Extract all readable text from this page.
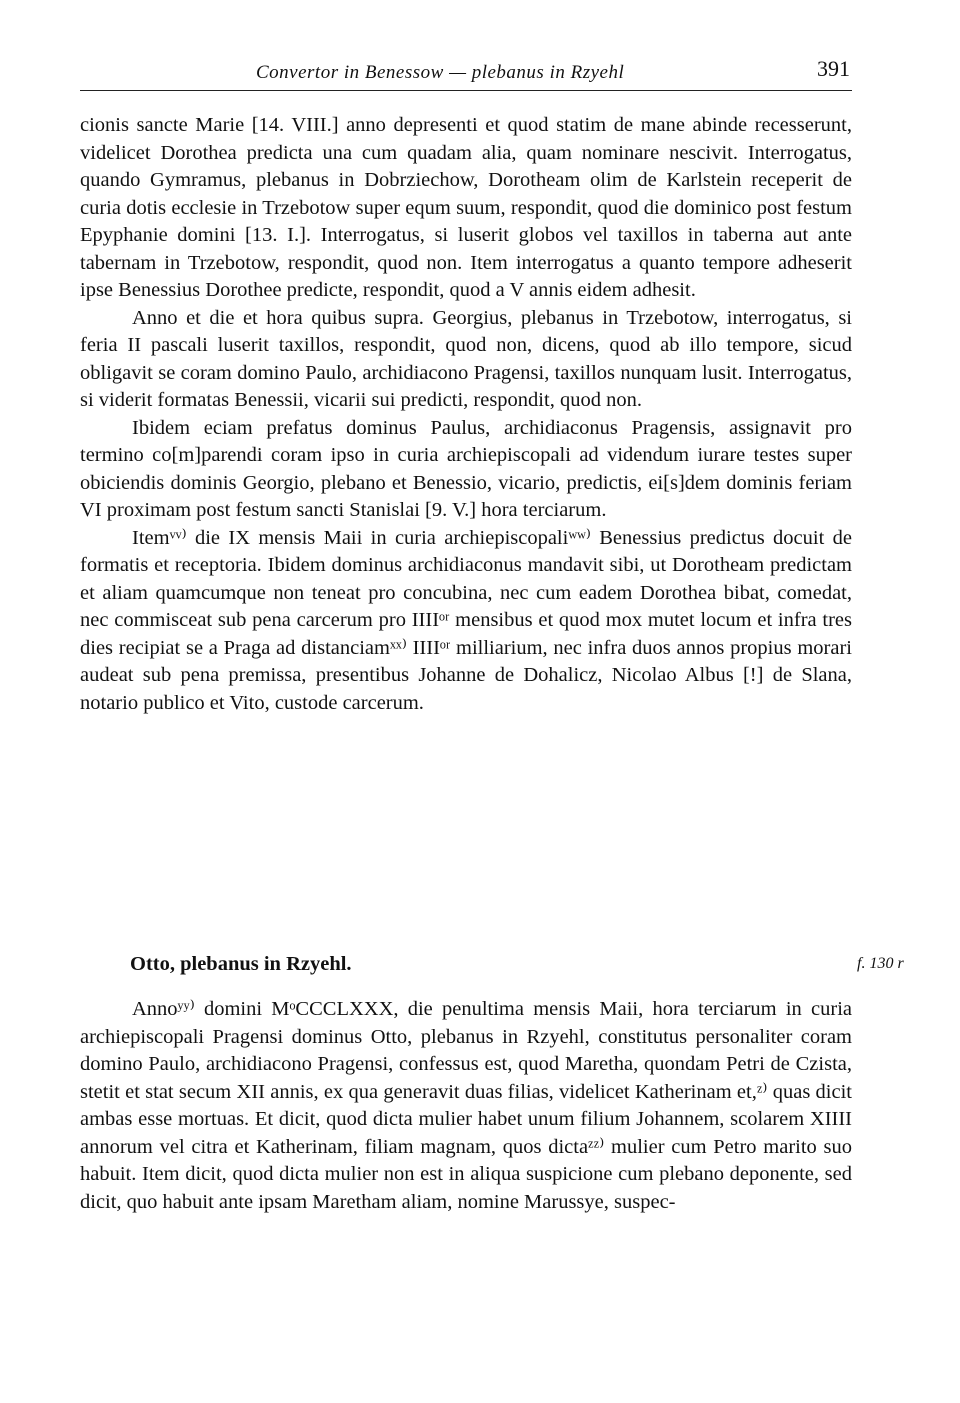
Convertor in Benessow — plebanus in Rzyehl	391

cionis sancte Marie [14. VIII.] anno depresenti et quod statim de mane abinde recesserunt, videlicet Dorothea predicta una cum quadam alia, quam nominare nescivit. Interrogatus, quando Gymramus, plebanus in Dobrziechow, Dorotheam olim de Karlstein receperit de curia dotis ecclesie in Trzebotow super equm suum, respondit, quod die dominico post festum Epyphanie domini [13. I.]. Interrogatus, si luserit globos vel taxillos in taberna aut ante tabernam in Trzebotow, respondit, quod non. Item interrogatus a quanto tempore adheserit ipse Benessius Dorothee predicte, respondit, quod a V annis eidem adhesit.

Anno et die et hora quibus supra. Georgius, plebanus in Trzebotow, interrogatus, si feria II pascali luserit taxillos, respondit, quod non, dicens, quod ab illo tempore, sicud obligavit se coram domino Paulo, archidiacono Pragensi, taxillos nunquam lusit. Interrogatus, si viderit formatas Benessii, vicarii sui predicti, respondit, quod non.

Ibidem eciam prefatus dominus Paulus, archidiaconus Pragensis, assignavit pro termino co[m]parendi coram ipso in curia archiepiscopali ad videndum iurare testes super obiciendis dominis Georgio, plebano et Benessio, vicario, predictis, ei[s]dem dominis feriam VI proximam post festum sancti Stanislai [9. V.] hora terciarum.

Itemᵛᵛ⁾ die IX mensis Maii in curia archiepiscopaliʷʷ⁾ Benessius predictus docuit de formatis et receptoria. Ibidem dominus archidiaconus mandavit sibi, ut Dorotheam predictam et aliam quamcumque non teneat pro concubina, nec cum eadem Dorothea bibat, comedat, nec commisceat sub pena carcerum pro IIIIᵒʳ mensibus et quod mox mutet locum et infra tres dies recipiat se a Praga ad distanciamˣˣ⁾ IIIIᵒʳ milliarium, nec infra duos annos propius morari audeat sub pena premissa, presentibus Johanne de Dohalicz, Nicolao Albus [!] de Slana, notario publico et Vito, custode carcerum.

Otto, plebanus in Rzyehl.	f. 130 r

Annoʸʸ⁾ domini MᵒCCCLXXX, die penultima mensis Maii, hora terciarum in curia archiepiscopali Pragensi dominus Otto, plebanus in Rzyehl, constitutus personaliter coram domino Paulo, archidiacono Pragensi, confessus est, quod Maretha, quondam Petri de Czista, stetit et stat secum XII annis, ex qua generavit duas filias, videlicet Katherinam et,ᶻ⁾ quas dicit ambas esse mortuas. Et dicit, quod dicta mulier habet unum filium Johannem, scolarem XIIII annorum vel citra et Katherinam, filiam magnam, quos dictaᶻᶻ⁾ mulier cum Petro marito suo habuit. Item dicit, quod dicta mulier non est in aliqua suspicione cum plebano deponente, sed dicit, quo habuit ante ipsam Maretham aliam, nomine Marussye, suspec-
